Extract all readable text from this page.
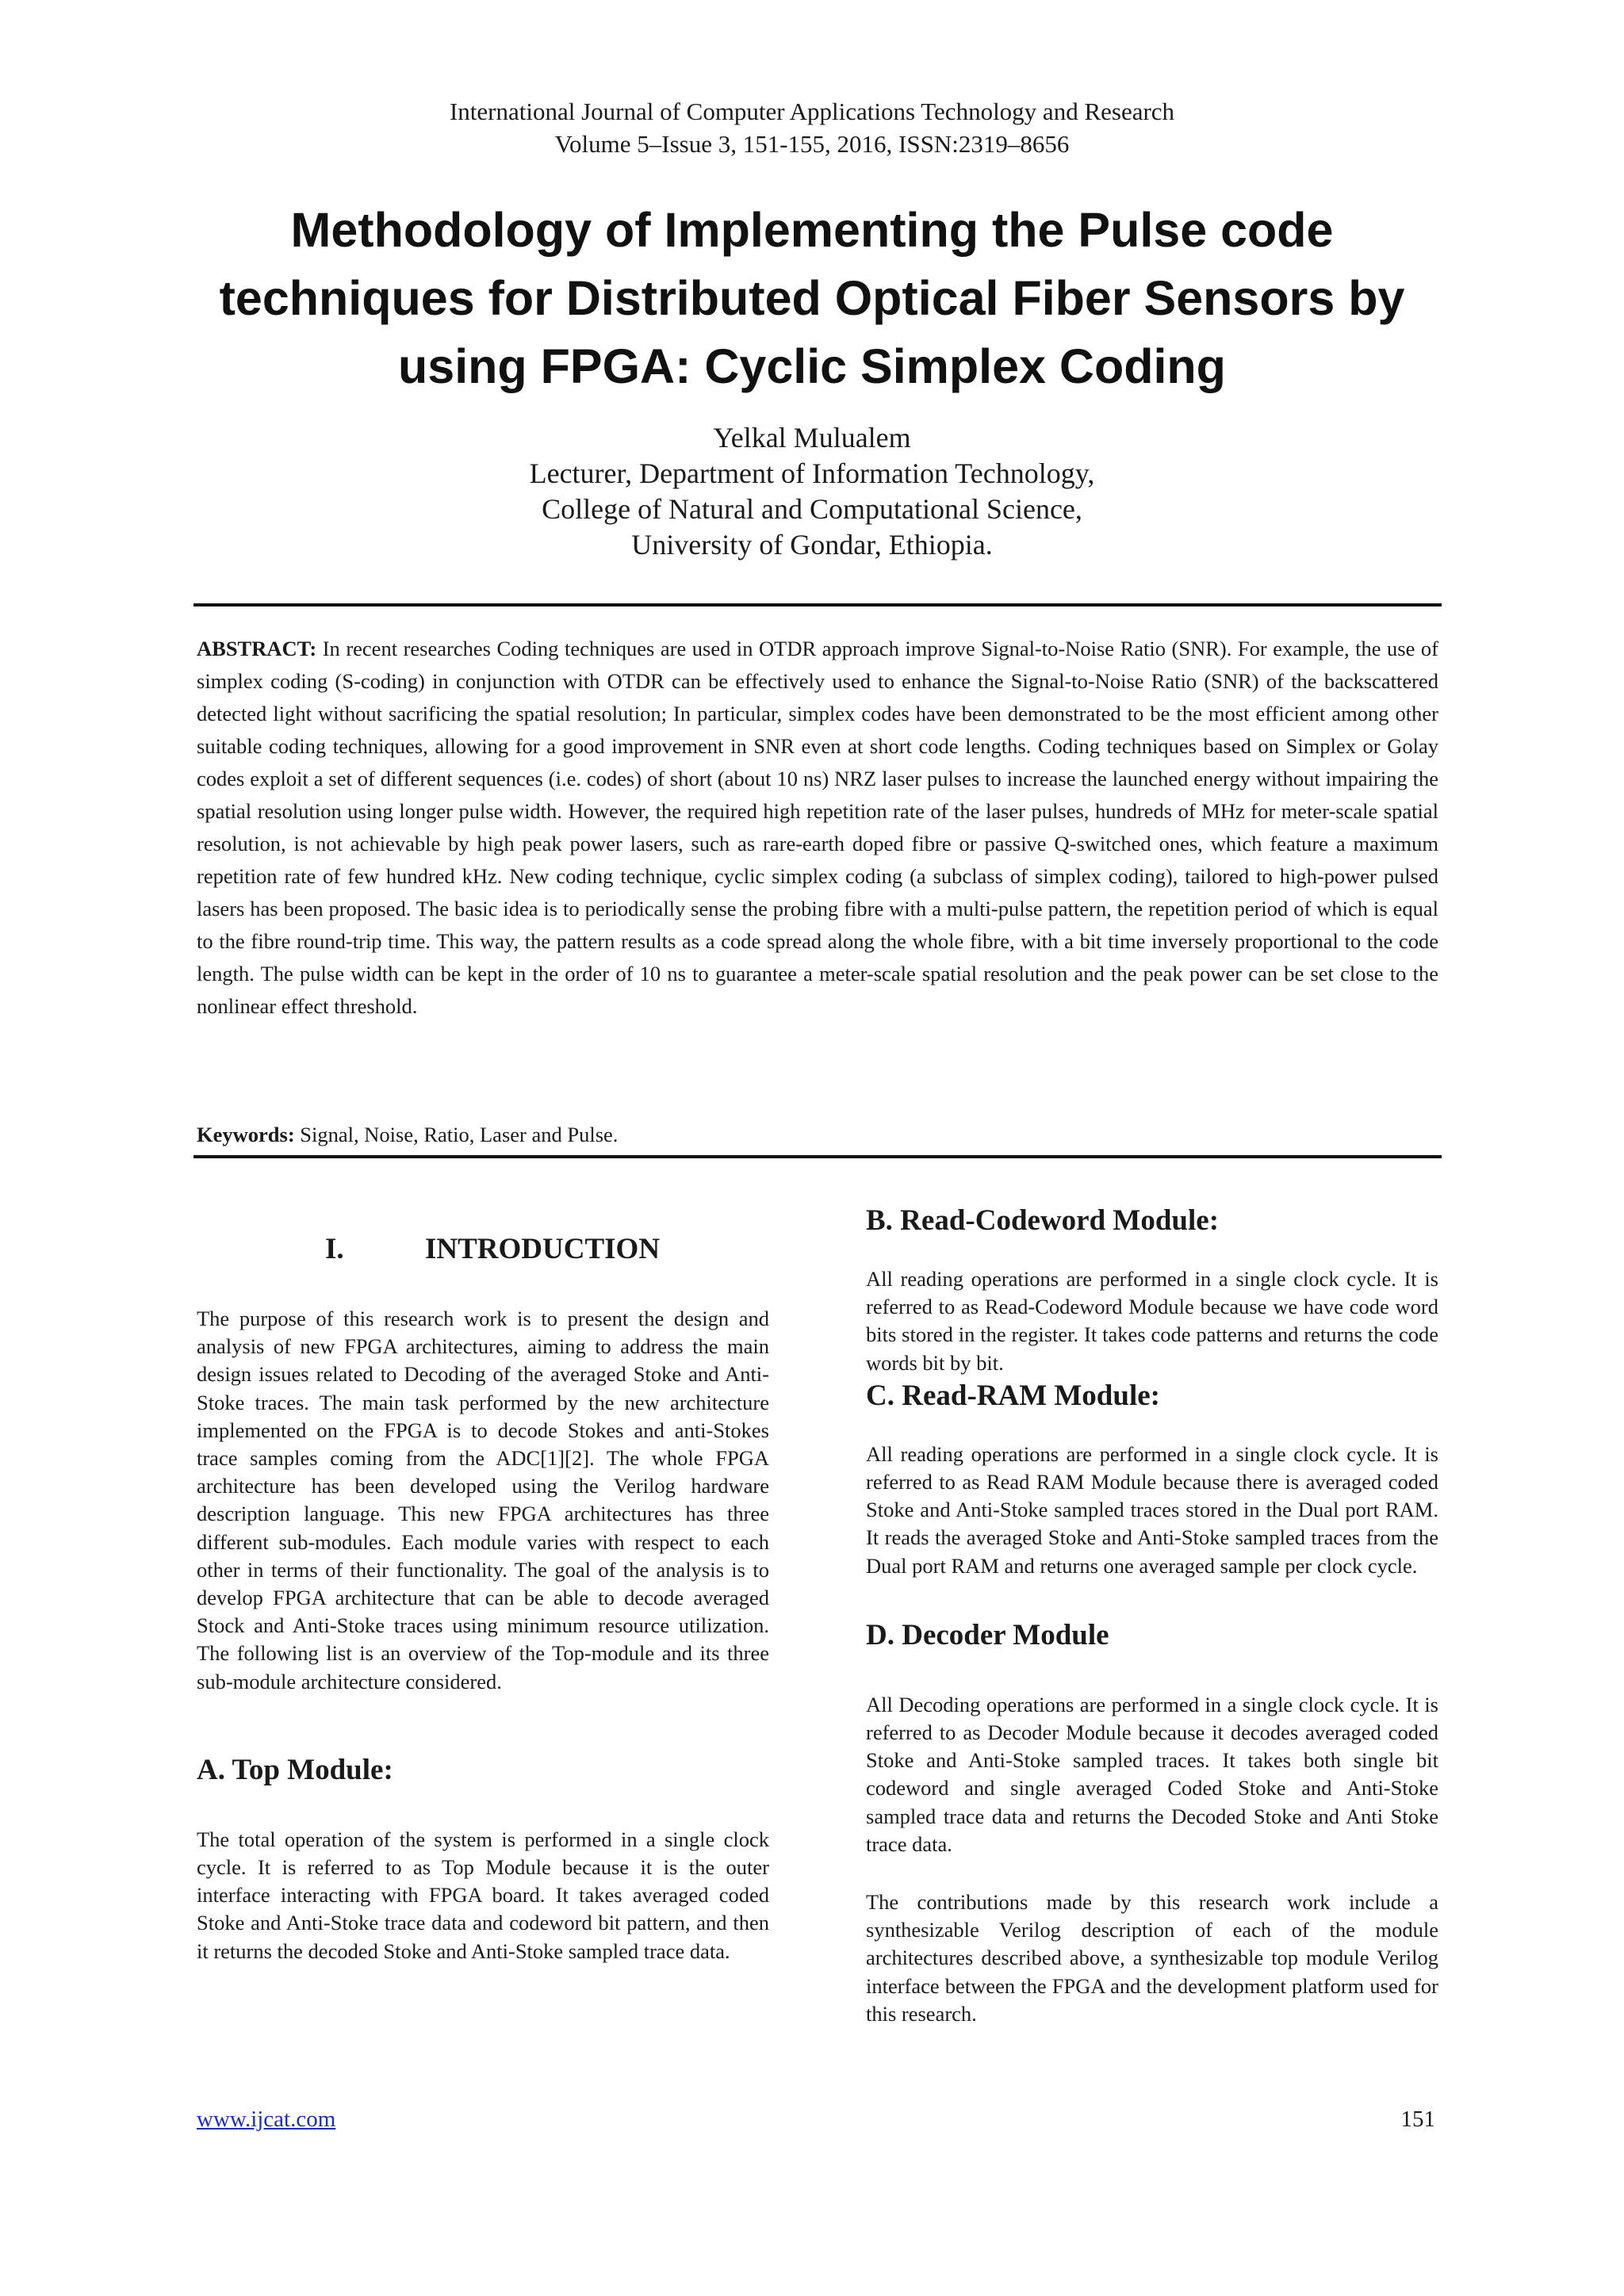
International Journal of Computer Applications Technology and Research
Volume 5–Issue 3, 151-155, 2016, ISSN:2319–8656
Methodology of Implementing the Pulse code
techniques for Distributed Optical Fiber Sensors by
using FPGA: Cyclic Simplex Coding
Yelkal Mulualem
Lecturer, Department of Information Technology,
College of Natural and Computational Science,
University of Gondar, Ethiopia.

ABSTRACT: In recent researches Coding techniques are used in OTDR approach improve Signal-to-Noise Ratio (SNR). For example, the use of simplex coding (S-coding) in conjunction with OTDR can be effectively used to enhance the Signal-to-Noise Ratio (SNR) of the backscattered detected light without sacrificing the spatial resolution; In particular, simplex codes have been demonstrated to be the most efficient among other suitable coding techniques, allowing for a good improvement in SNR even at short code lengths. Coding techniques based on Simplex or Golay codes exploit a set of different sequences (i.e. codes) of short (about 10 ns) NRZ laser pulses to increase the launched energy without impairing the spatial resolution using longer pulse width. However, the required high repetition rate of the laser pulses, hundreds of MHz for meter-scale spatial resolution, is not achievable by high peak power lasers, such as rare-earth doped fibre or passive Q-switched ones, which feature a maximum repetition rate of few hundred kHz. New coding technique, cyclic simplex coding (a subclass of simplex coding), tailored to high-power pulsed lasers has been proposed. The basic idea is to periodically sense the probing fibre with a multi-pulse pattern, the repetition period of which is equal to the fibre round-trip time. This way, the pattern results as a code spread along the whole fibre, with a bit time inversely proportional to the code length. The pulse width can be kept in the order of 10 ns to guarantee a meter-scale spatial resolution and the peak power can be set close to the nonlinear effect threshold.

Keywords: Signal, Noise, Ratio, Laser and Pulse.

I.	INTRODUCTION

The purpose of this research work is to present the design and analysis of new FPGA architectures, aiming to address the main design issues related to Decoding of the averaged Stoke and Anti-Stoke traces. The main task performed by the new architecture implemented on the FPGA is to decode Stokes and anti-Stokes trace samples coming from the ADC[1][2]. The whole FPGA architecture has been developed using the Verilog hardware description language. This new FPGA architectures has three different sub-modules. Each module varies with respect to each other in terms of their functionality. The goal of the analysis is to develop FPGA architecture that can be able to decode averaged Stock and Anti-Stoke traces using minimum resource utilization. The following list is an overview of the Top-module and its three sub-module architecture considered.

A. Top Module:

The total operation of the system is performed in a single clock cycle. It is referred to as Top Module because it is the outer interface interacting with FPGA board. It takes averaged coded Stoke and Anti-Stoke trace data and codeword bit pattern, and then it returns the decoded Stoke and Anti-Stoke sampled trace data.

B. Read-Codeword Module:

All reading operations are performed in a single clock cycle. It is referred to as Read-Codeword Module because we have code word bits stored in the register. It takes code patterns and returns the code words bit by bit.

C. Read-RAM Module:

All reading operations are performed in a single clock cycle. It is referred to as Read RAM Module because there is averaged coded Stoke and Anti-Stoke sampled traces stored in the Dual port RAM. It reads the averaged Stoke and Anti-Stoke sampled traces from the Dual port RAM and returns one averaged sample per clock cycle.

D. Decoder Module

All Decoding operations are performed in a single clock cycle. It is referred to as Decoder Module because it decodes averaged coded Stoke and Anti-Stoke sampled traces. It takes both single bit codeword and single averaged Coded Stoke and Anti-Stoke sampled trace data and returns the Decoded Stoke and Anti Stoke trace data.

The contributions made by this research work include a synthesizable Verilog description of each of the module architectures described above, a synthesizable top module Verilog interface between the FPGA and the development platform used for this research.

www.ijcat.com	151
